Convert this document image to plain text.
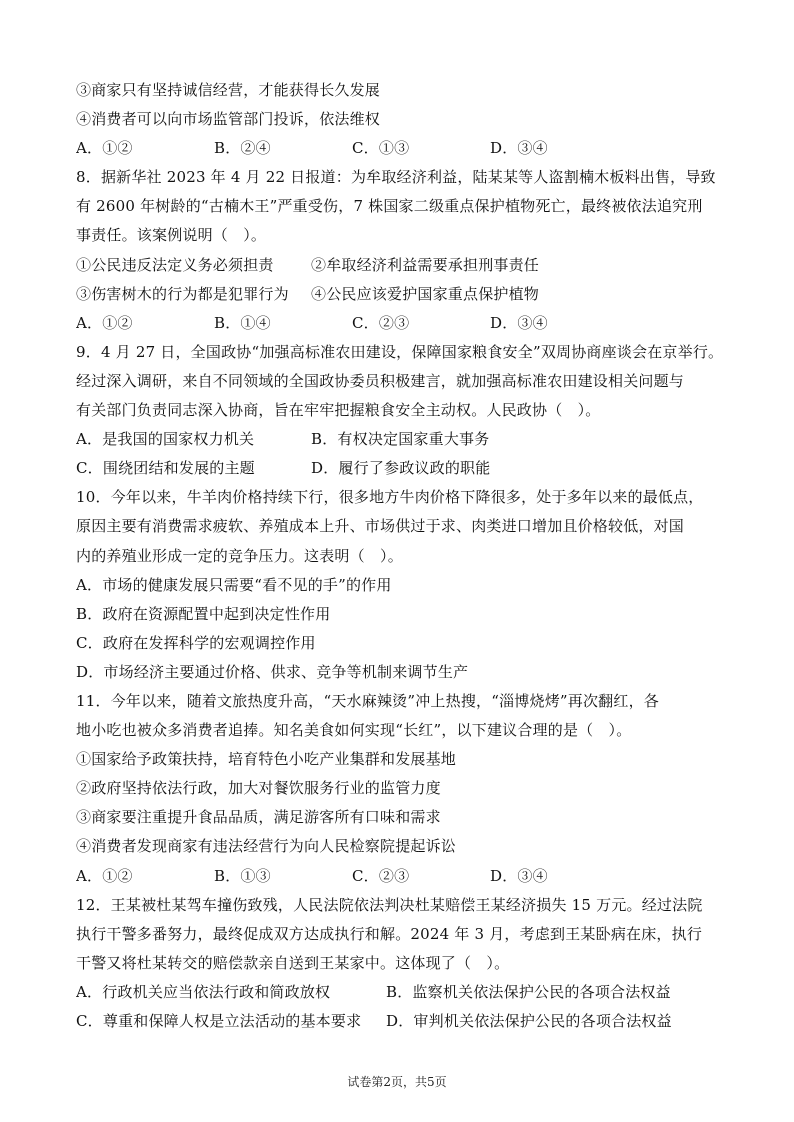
③商家只有坚持诚信经营，才能获得长久发展
④消费者可以向市场监管部门投诉，依法维权
A．①②	B．②④	C．①③	D．③④
8．据新华社 2023 年 4 月 22 日报道：为牟取经济利益，陆某某等人盗割楠木板料出售，导致
有 2600 年树龄的“古楠木王”严重受伤，7 株国家二级重点保护植物死亡，最终被依法追究刑
事责任。该案例说明（　）。
①公民违反法定义务必须担责	②牟取经济利益需要承担刑事责任
③伤害树木的行为都是犯罪行为	④公民应该爱护国家重点保护植物
A．①②	B．①④	C．②③	D．③④
9．4 月 27 日，全国政协“加强高标准农田建设，保障国家粮食安全”双周协商座谈会在京举行。
经过深入调研，来自不同领域的全国政协委员积极建言，就加强高标准农田建设相关问题与
有关部门负责同志深入协商，旨在牢牢把握粮食安全主动权。人民政协（　）。
A．是我国的国家权力机关	B．有权决定国家重大事务
C．围绕团结和发展的主题	D．履行了参政议政的职能
10．今年以来，牛羊肉价格持续下行，很多地方牛肉价格下降很多，处于多年以来的最低点，
原因主要有消费需求疲软、养殖成本上升、市场供过于求、肉类进口增加且价格较低，对国
内的养殖业形成一定的竞争压力。这表明（　）。
A．市场的健康发展只需要“看不见的手”的作用
B．政府在资源配置中起到决定性作用
C．政府在发挥科学的宏观调控作用
D．市场经济主要通过价格、供求、竞争等机制来调节生产
11．今年以来，随着文旅热度升高，“天水麻辣烫”冲上热搜，“淄博烧烤”再次翻红，各
地小吃也被众多消费者追捧。知名美食如何实现“长红”，以下建议合理的是（　）。
①国家给予政策扶持，培育特色小吃产业集群和发展基地
②政府坚持依法行政，加大对餐饮服务行业的监管力度
③商家要注重提升食品品质，满足游客所有口味和需求
④消费者发现商家有违法经营行为向人民检察院提起诉讼
A．①②	B．①③	C．②③	D．③④
12．王某被杜某驾车撞伤致残，人民法院依法判决杜某赔偿王某经济损失 15 万元。经过法院
执行干警多番努力，最终促成双方达成执行和解。2024 年 3 月，考虑到王某卧病在床，执行
干警又将杜某转交的赔偿款亲自送到王某家中。这体现了（　）。
A．行政机关应当依法行政和简政放权	B．监察机关依法保护公民的各项合法权益
C．尊重和保障人权是立法活动的基本要求	D．审判机关依法保护公民的各项合法权益
试卷第2页，共5页
